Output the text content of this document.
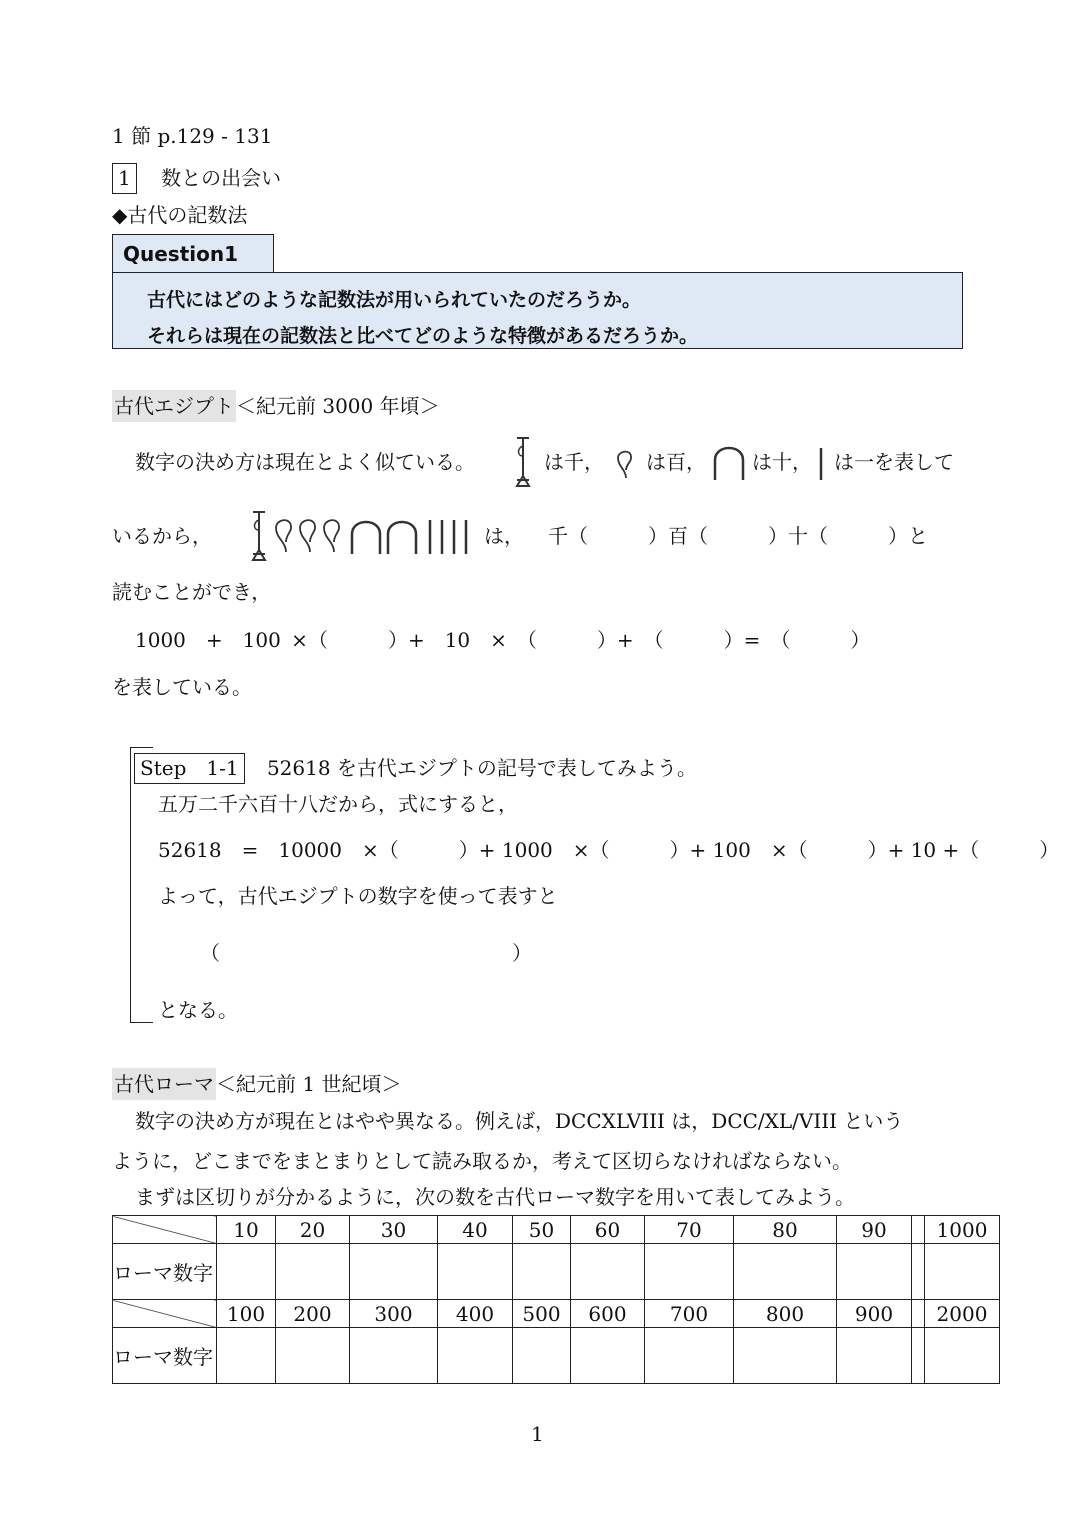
1 節 p.129 - 131
1 数との出会い
◆古代の記数法
Question1
古代にはどのような記数法が用いられていたのだろうか。
それらは現在の記数法と比べてどのような特徴があるだろうか。
古代エジプト ＜紀元前 3000 年頃＞
数字の決め方は現在とよく似ている。	は千， は百， は十， は一を表して
いるから，	は， 千（　　　）百（　　　）十（　　　）と
読むことができ，
1000　+　100 ×（　　　）+　10　×　（　　　）+　（　　　）=　（　　　）
を表している。
Step　1-1 52618 を古代エジプトの記号で表してみよう。
五万二千六百十八だから，式にすると，
52618　=　10000　×（　　　）+ 1000　×（　　　）+ 100　×（　　　）+ 10 +（　　　）
よって，古代エジプトの数字を使って表すと
（	）
となる。
古代ローマ ＜紀元前 1 世紀頃＞
数字の決め方が現在とはやや異なる。例えば，DCCXLVIII は，DCC/XL/VIII という
ように，どこまでをまとまりとして読み取るか，考えて区切らなければならない。
まずは区切りが分かるように，次の数を古代ローマ数字を用いて表してみよう。
	10	20	30	40	50	60	70	80	90		1000
ローマ数字											
	100	200	300	400	500	600	700	800	900		2000
ローマ数字											
1
